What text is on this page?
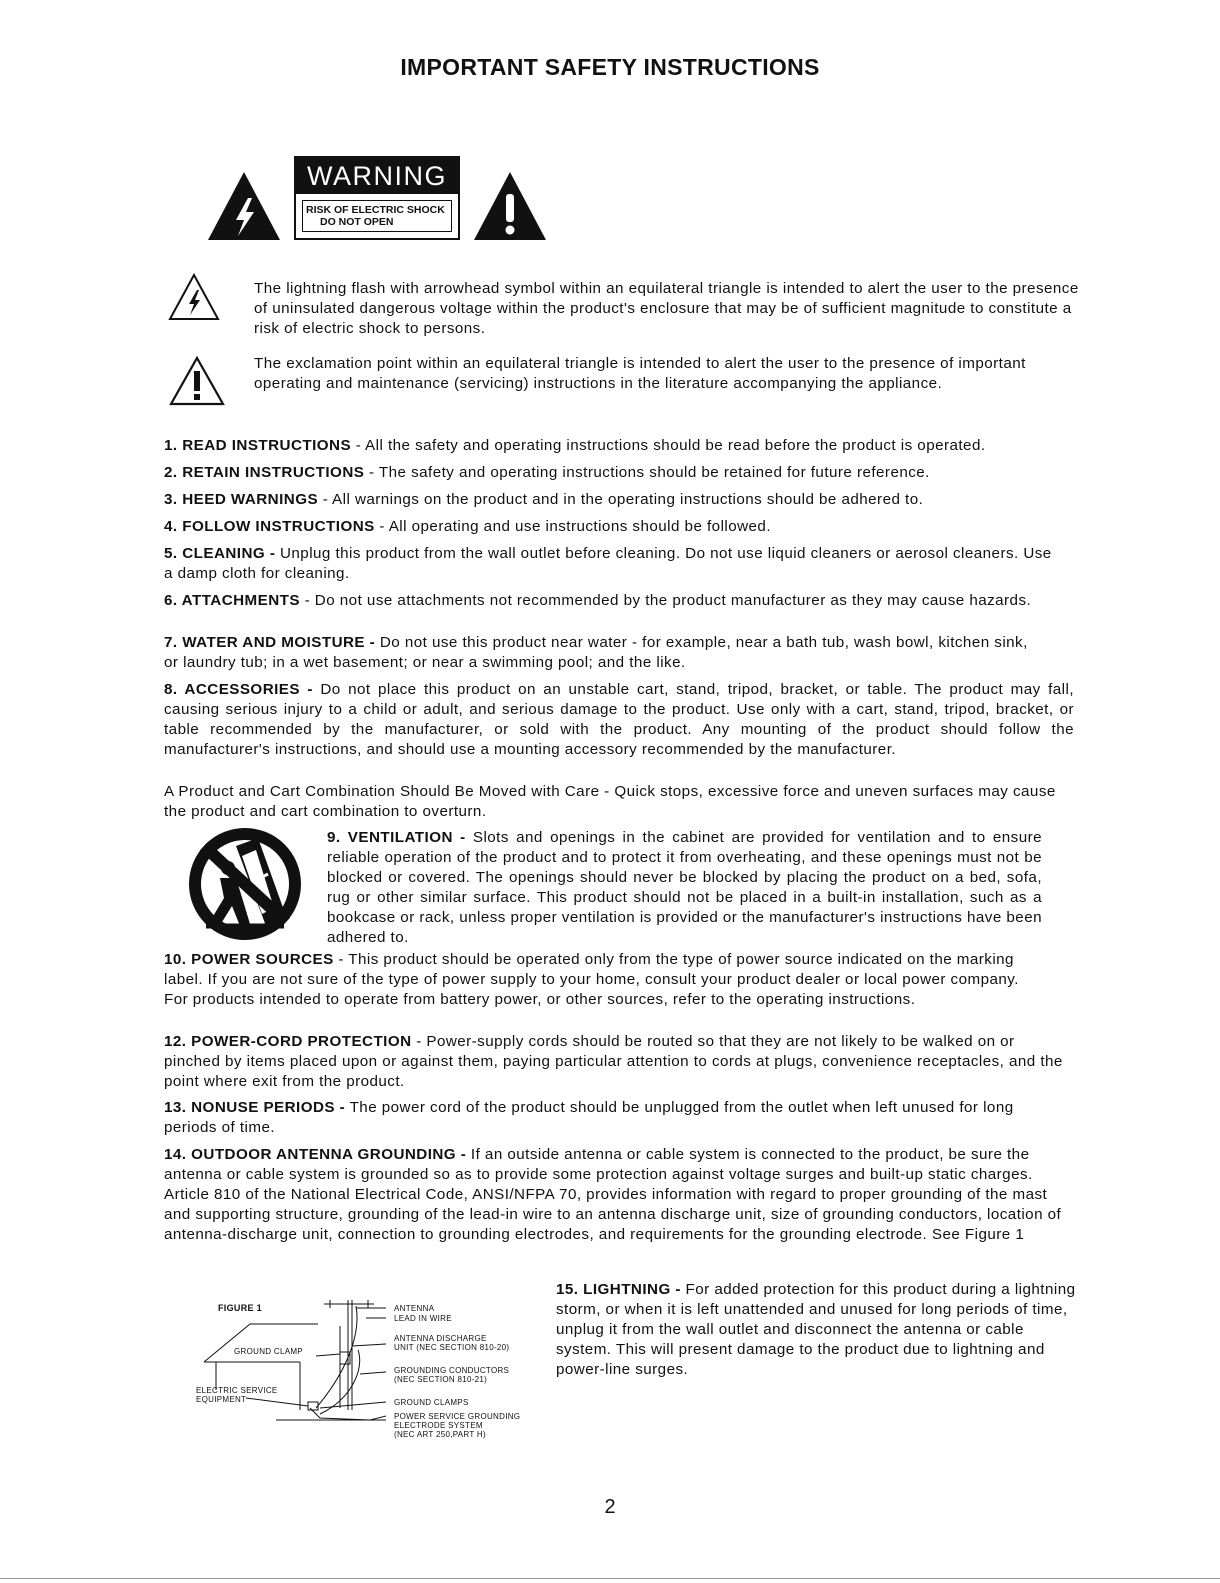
IMPORTANT SAFETY INSTRUCTIONS
WARNING
RISK OF ELECTRIC SHOCK
DO NOT OPEN
The lightning flash with arrowhead symbol within an equilateral triangle is intended to alert the user to the presence of uninsulated dangerous voltage within the product's enclosure that may be of sufficient magnitude to constitute a risk of electric shock to persons.
The exclamation point within an equilateral triangle is intended to alert the user to the presence of important operating and maintenance (servicing) instructions in the literature accompanying the appliance.
1. READ INSTRUCTIONS - All the safety and operating instructions should be read before the product is operated.
2. RETAIN INSTRUCTIONS - The safety and operating instructions should be retained for future reference.
3. HEED WARNINGS - All warnings on the product and in the operating instructions should be adhered to.
4. FOLLOW INSTRUCTIONS - All operating and use instructions should be followed.
5. CLEANING - Unplug this product from the wall outlet before cleaning. Do not use liquid cleaners or aerosol cleaners. Use a damp cloth for cleaning.
6. ATTACHMENTS - Do not use attachments not recommended by the product manufacturer as they may cause hazards.
7. WATER AND MOISTURE - Do not use this product near water - for example, near a bath tub, wash bowl, kitchen sink, or laundry tub; in a wet basement; or near a swimming pool; and the like.
8. ACCESSORIES - Do not place this product on an unstable cart, stand, tripod, bracket, or table. The product may fall, causing serious injury to a child or adult, and serious damage to the product. Use only with a cart, stand, tripod, bracket, or table recommended by the manufacturer, or sold with the product. Any mounting of the product should follow the manufacturer's instructions, and should use a mounting accessory recommended by the manufacturer.
A Product and Cart Combination Should Be Moved with Care - Quick stops, excessive force and uneven surfaces may cause the product and cart combination to overturn.
9. VENTILATION - Slots and openings in the cabinet are provided for ventilation and to ensure reliable operation of the product and to protect it from overheating, and these openings must not be blocked or covered. The openings should never be blocked by placing the product on a bed, sofa, rug or other similar surface. This product should not be placed in a built-in installation, such as a bookcase or rack, unless proper ventilation is provided or the manufacturer's instructions have been adhered to.
10. POWER SOURCES - This product should be operated only from the type of power source indicated on the marking label. If you are not sure of the type of power supply to your home, consult your product dealer or local power company. For products intended to operate from battery power, or other sources, refer to the operating instructions.
12. POWER-CORD PROTECTION - Power-supply cords should be routed so that they are not likely to be walked on or pinched by items placed upon or against them, paying particular attention to cords at plugs, convenience receptacles, and the point where exit from the product.
13. NONUSE PERIODS - The power cord of the product should be unplugged from the outlet when left unused for long periods of time.
14. OUTDOOR ANTENNA GROUNDING - If an outside antenna or cable system is connected to the product, be sure the antenna or cable system is grounded so as to provide some protection against voltage surges and built-up static charges. Article 810 of the National Electrical Code, ANSI/NFPA 70, provides information with regard to proper grounding of the mast and supporting structure, grounding of the lead-in wire to an antenna discharge unit, size of grounding conductors, location of antenna-discharge unit, connection to grounding electrodes, and requirements for the grounding electrode. See Figure 1
FIGURE 1	ANTENNA
LEAD IN WIRE
ANTENNA DISCHARGE
UNIT (NEC SECTION 810-20)
GROUND CLAMP
GROUNDING CONDUCTORS
(NEC SECTION 810-21)
ELECTRIC SERVICE
EQUIPMENT	GROUND CLAMPS
POWER SERVICE GROUNDING
ELECTRODE SYSTEM
(NEC ART 250,PART H)
15. LIGHTNING - For added protection for this product during a lightning storm, or when it is left unattended and unused for long periods of time, unplug it from the wall outlet and disconnect the antenna or cable system. This will present damage to the product due to lightning and power-line surges.
2
